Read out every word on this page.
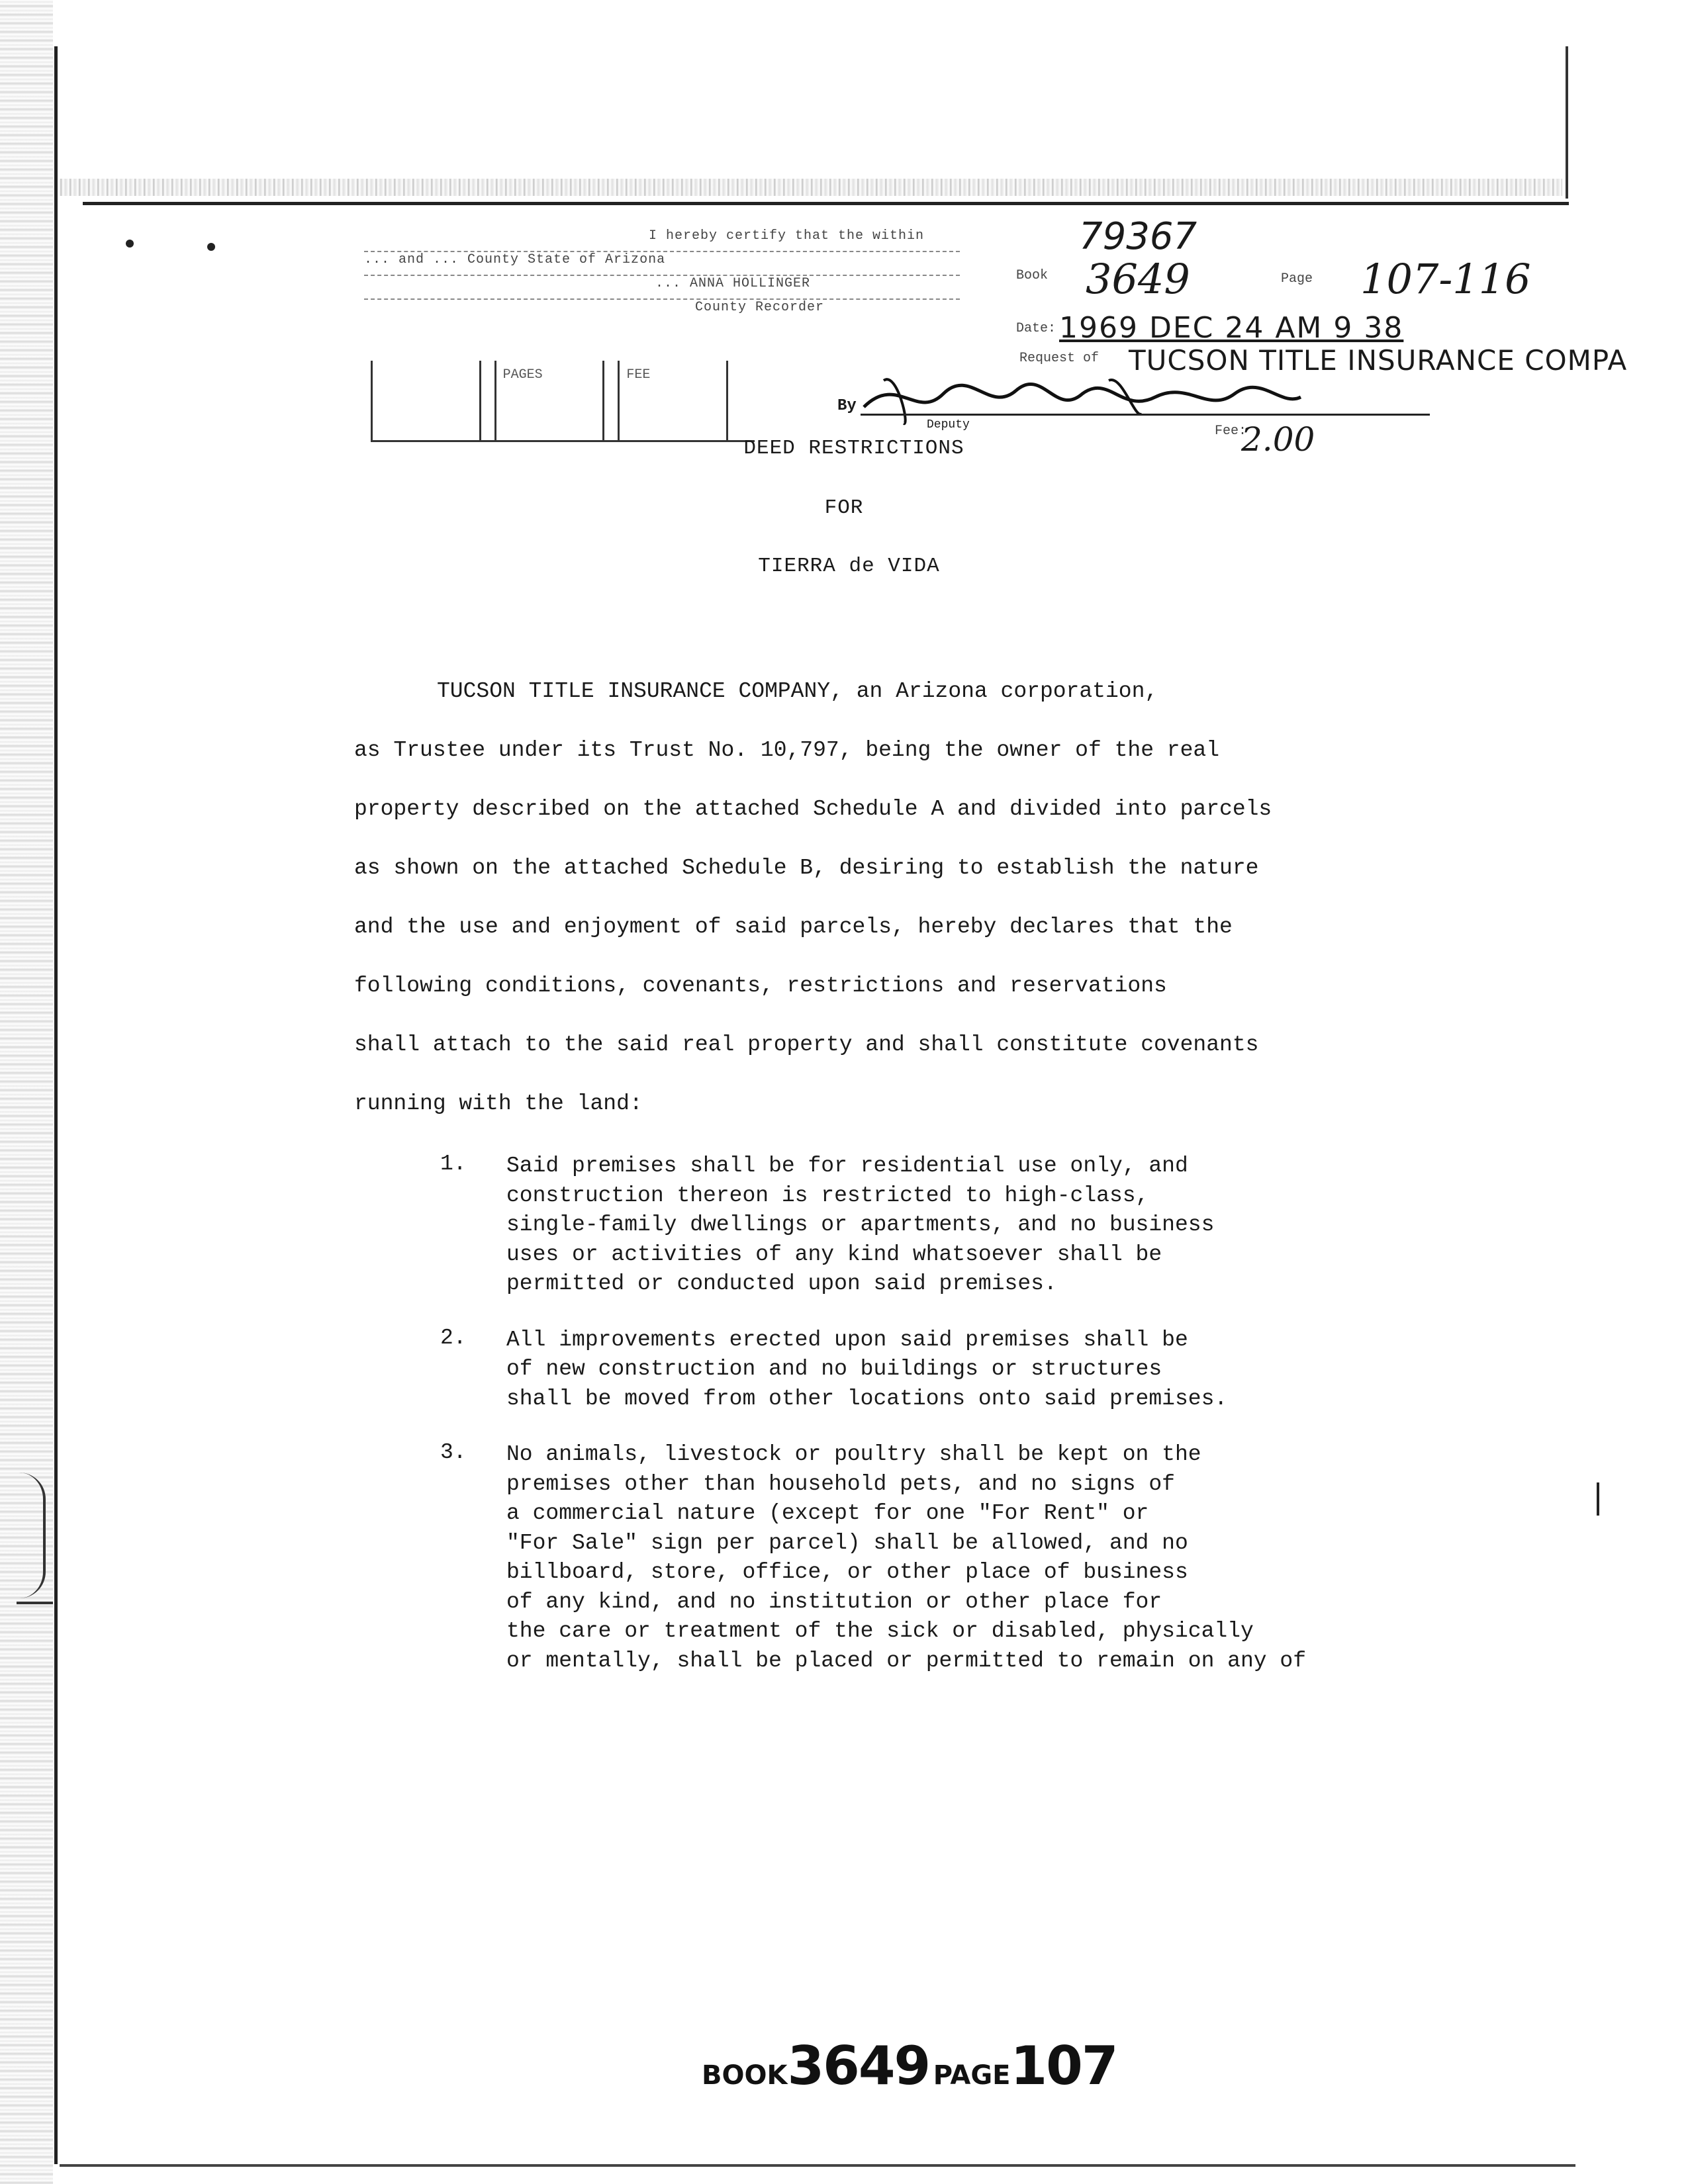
I hereby certify that the within
... and ... County State of Arizona
... ANNA HOLLINGER
County Recorder
PAGES	FEE
79367
Book 3649	Page 107-116
Date: 1969 DEC 24 AM 9 38
Request of TUCSON TITLE INSURANCE COMPA
By
Deputy	Fee:
2.00
DEED RESTRICTIONS
FOR
TIERRA de VIDA

TUCSON TITLE INSURANCE COMPANY, an Arizona corporation,

as Trustee under its Trust No. 10,797, being the owner of the real

property described on the attached Schedule A and divided into parcels

as shown on the attached Schedule B, desiring to establish the nature

and the use and enjoyment of said parcels, hereby declares that the

following conditions, covenants, restrictions and reservations

shall attach to the said real property and shall constitute covenants

running with the land:

1.	Said premises shall be for residential use only, and
construction thereon is restricted to high-class,
single-family dwellings or apartments, and no business
uses or activities of any kind whatsoever shall be
permitted or conducted upon said premises.
2.	All improvements erected upon said premises shall be
of new construction and no buildings or structures
shall be moved from other locations onto said premises.
3.	No animals, livestock or poultry shall be kept on the
premises other than household pets, and no signs of
a commercial nature (except for one "For Rent" or
"For Sale" sign per parcel) shall be allowed, and no
billboard, store, office, or other place of business
of any kind, and no institution or other place for
the care or treatment of the sick or disabled, physically
or mentally, shall be placed or permitted to remain on any of
BOOK3649 PAGE107
